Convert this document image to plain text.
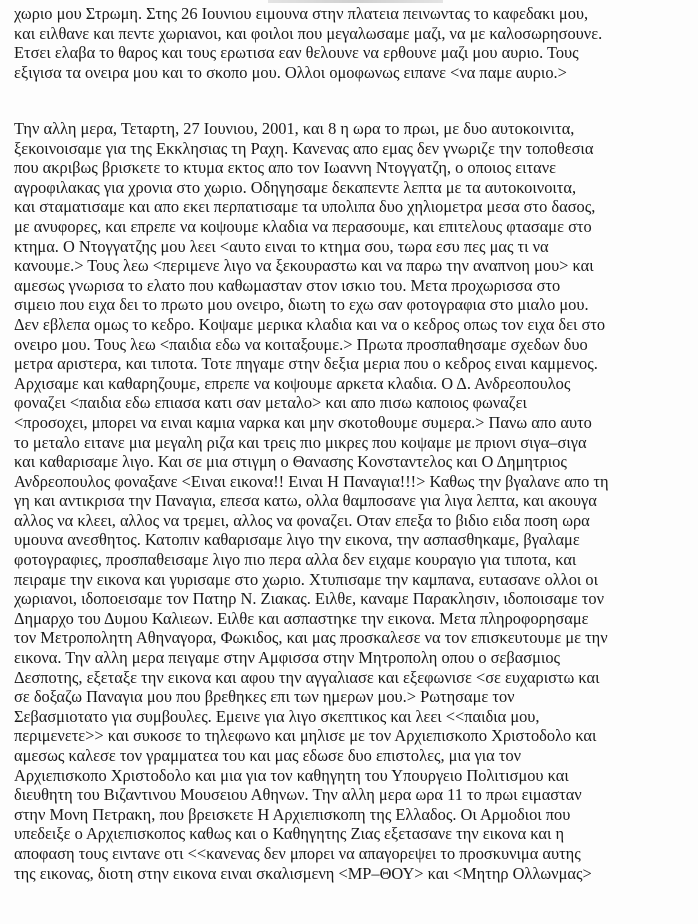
χωριο μου Στρωμη. Στης 26 Ιουνιου ειμουνα στην πλατεια πεινωντας το καφεδακι μου,
και ειλθανε και πεντε χωριανοι, και φοιλοι που μεγαλωσαμε μαζι, να με καλοσωρησουνε.
Ετσει ελαβα το θαρος και τους ερωτισα εαν θελουνε να ερθουνε μαζι μου αυριο. Τους
εξιγισα τα ονειρα μου και το σκοπο μου. Ολλοι ομοφωνως ειπανε <να παμε αυριο.>
Την αλλη μερα, Τεταρτη, 27 Ιουνιου, 2001, και 8 η ωρα το πρωι, με δυο αυτοκοινιτα,
ξεκοινοισαμε για της Εκκλησιας τη Ραχη. Κανενας απο εμας δεν γνωριζε την τοποθεσια
που ακριβως βρισκετε το κτυμα εκτος απο τον Ιωαννη Ντογγατζη, ο οποιος ειτανε
αγροφιλακας για χρονια στο χωριο. Οδηγησαμε δεκαπεντε λεπτα με τα αυτοκοινοιτα,
και σταματισαμε και απο εκει περπατισαμε τα υπολιπα δυο χηλιομετρα μεσα στο δασος,
με ανυφορες, και επρεπε να κοψουμε κλαδια να περασουμε, και επιτελους φτασαμε στο
κτημα. Ο Ντογγατζης μου λεει <αυτο ειναι το κτημα σου, τωρα εσυ πες μας τι να
κανουμε.> Τους λεω <περιμενε λιγο να ξεκουραστω και να παρω την αναπνοη μου> και
αμεσως γνωρισα το ελατο που καθωμασταν στον ισκιο του. Μετα προχωρισσα στο
σιμειο που ειχα δει το πρωτο μου ονειρο, διωτη το εχω σαν φοτογραφια στο μιαλο μου.
Δεν εβλεπα ομως το κεδρο. Κοψαμε μερικα κλαδια και να ο κεδρος οπως τον ειχα δει στο
ονειρο μου. Τους λεω <παιδια εδω να κοιταξουμε.> Πρωτα προσπαθησαμε σχεδων δυο
μετρα αριστερα, και τιποτα. Τοτε πηγαμε στην δεξια μερια που ο κεδρος ειναι καμμενος.
Αρχισαμε και καθαρηζουμε, επρεπε να κοψουμε αρκετα κλαδια. Ο Δ. Ανδρεοπουλος
φοναζει <παιδια εδω επιασα κατι σαν μεταλο> και απο πισω καποιος φωναζει
<προσοχει, μπορει να ειναι καμια ναρκα και μην σκοτοθουμε συμερα.> Πανω απο αυτο
το μεταλο ειτανε μια μεγαλη ριζα και τρεις πιο μικρες που κοψαμε με πριονι σιγα–σιγα
και καθαρισαμε λιγο. Και σε μια στιγμη ο Θανασης Κονσταντελος και Ο Δημητριος
Ανδρεοπουλος φοναξανε <Ειναι εικονα!! Ειναι Η Παναγια!!!> Καθως την βγαλανε απο τη
γη και αντικρισα την Παναγια, επεσα κατω, ολλα θαμποσανε για λιγα λεπτα, και ακουγα
αλλος να κλεει, αλλος να τρεμει, αλλος να φοναζει. Οταν επεξα το βιδιο ειδα ποση ωρα
υμουνα ανεσθητος. Κατοπιν καθαρισαμε λιγο την εικονα, την ασπασθηκαμε, βγαλαμε
φοτογραφιες, προσπαθεισαμε λιγο πιο περα αλλα δεν ειχαμε κουραγιο για τιποτα, και
πειραμε την εικονα και γυρισαμε στο χωριο. Χτυπισαμε την καμπανα, ευτασανε ολλοι οι
χωριανοι, ιδοποεισαμε τον Πατηρ Ν. Ζιακας. Ειλθε, καναμε Παρακλησιν, ιδοποισαμε τον
Δημαρχο του Δυμου Καλιεων. Ειλθε και ασπαστηκε την εικονα. Μετα πληροφορησαμε
τον Μετροπολητη Αθηναγορα, Φωκιδος, και μας προσκαλεσε να τον επισκευτουμε με την
εικονα. Την αλλη μερα πειγαμε στην Αμφισσα στην Μητροπολη οπου ο σεβασμιος
Δεσποτης, εξεταξε την εικονα και αφου την αγγαλιασε και εξεφωνισε <σε ευχαριστω και
σε δοξαζω Παναγια μου που βρεθηκες επι των ημερων μου.> Ρωτησαμε τον
Σεβασμιοτατο για συμβουλες. Εμεινε για λιγο σκεπτικος και λεει <<παιδια μου,
περιμενετε>> και συκοσε το τηλεφωνο και μηλισε με τον Αρχιεπισκοπο Χριστοδολο και
αμεσως καλεσε τον γραμματεα του και μας εδωσε δυο επιστολες, μια για τον
Αρχιεπισκοπο Χριστοδολο και μια για τον καθηγητη του Υπουργειο Πολιτισμου και
διευθητη του Βιζαντινου Μουσειου Αθηνων. Την αλλη μερα ωρα 11 το πρωι ειμασταν
στην Μονη Πετρακη, που βρεισκετε Η Αρχιεπισκοπη της Ελλαδος. Οι Αρμοδιοι που
υπεδειξε ο Αρχιεπισκοπος καθως και ο Καθηγητης Ζιας εξετασανε την εικονα και η
αποφαση τους ειντανε οτι <<κανενας δεν μπορει να απαγορεψει το προσκυνιμα αυτης
της εικονας, διοτη στην εικονα ειναι σκαλισμενη <ΜΡ–ΘΟΥ> και <Μητηρ Ολλωνμας>
